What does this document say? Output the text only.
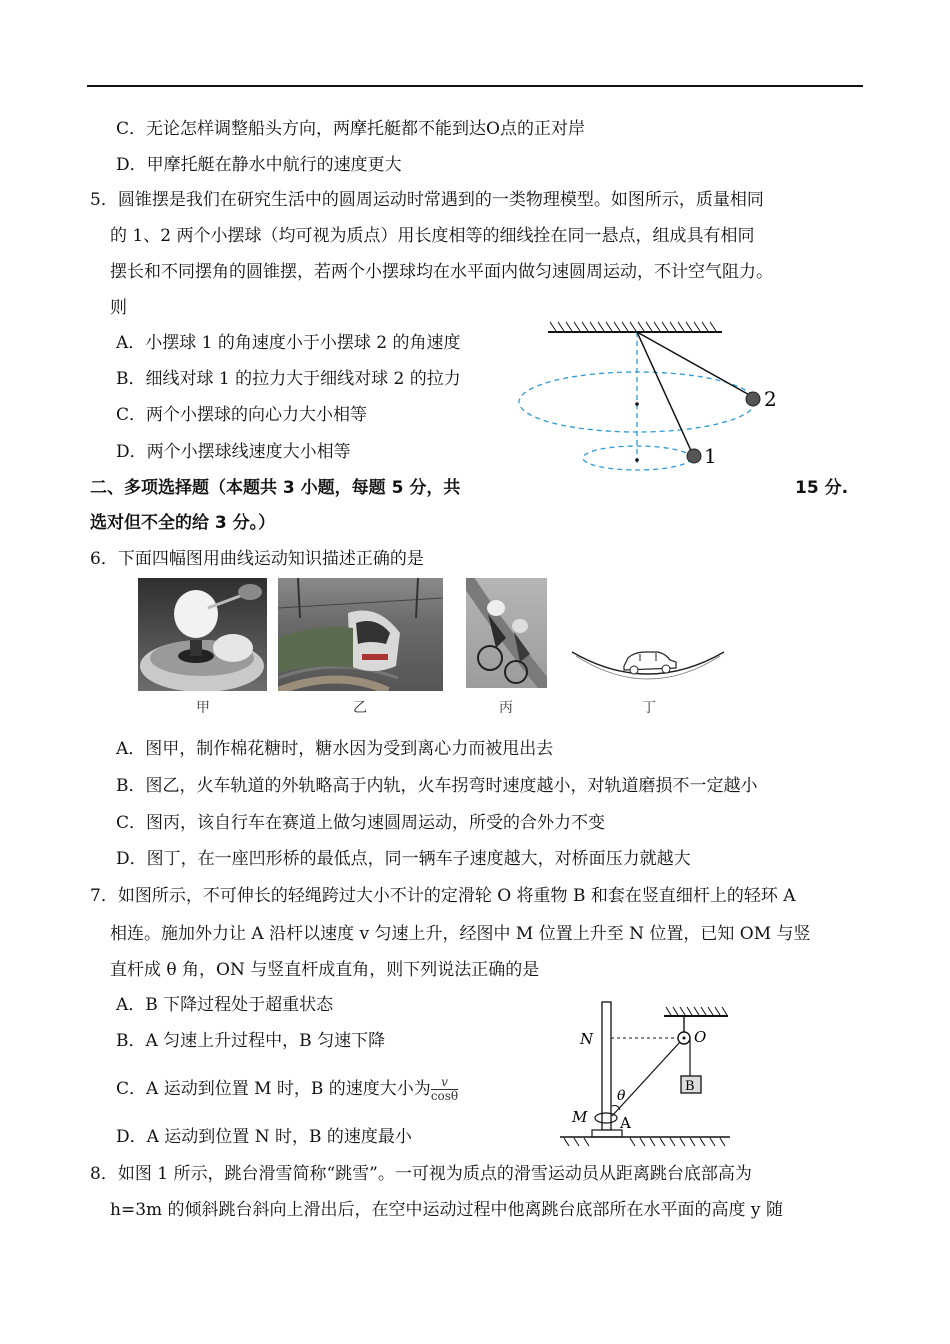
C．无论怎样调整船头方向，两摩托艇都不能到达O点的正对岸
D．甲摩托艇在静水中航行的速度更大
5．圆锥摆是我们在研究生活中的圆周运动时常遇到的一类物理模型。如图所示，质量相同
的 1、2 两个小摆球（均可视为质点）用长度相等的细线拴在同一悬点，组成具有相同
摆长和不同摆角的圆锥摆，若两个小摆球均在水平面内做匀速圆周运动，不计空气阻力。
则
A．小摆球 1 的角速度小于小摆球 2 的角速度
B．细线对球 1 的拉力大于细线对球 2 的拉力
C．两个小摆球的向心力大小相等
D．两个小摆球线速度大小相等
2
1
二、多项选择题（本题共 3 小题，每题 5 分，共	15 分.
选对但不全的给 3 分。）
6．下面四幅图用曲线运动知识描述正确的是
甲	乙	丙	丁
A．图甲，制作棉花糖时，糖水因为受到离心力而被甩出去
B．图乙，火车轨道的外轨略高于内轨，火车拐弯时速度越小，对轨道磨损不一定越小
C．图丙，该自行车在赛道上做匀速圆周运动，所受的合外力不变
D．图丁，在一座凹形桥的最低点，同一辆车子速度越大，对桥面压力就越大
7．如图所示，不可伸长的轻绳跨过大小不计的定滑轮 O 将重物 B 和套在竖直细杆上的轻环 A
相连。施加外力让 A 沿杆以速度 v 匀速上升，经图中 M 位置上升至 N 位置，已知 OM 与竖
直杆成 θ 角，ON 与竖直杆成直角，则下列说法正确的是
A．B 下降过程处于超重状态
B．A 匀速上升过程中，B 匀速下降
C．A 运动到位置 M 时，B 的速度大小为 $\frac{v}{\cos\theta}$
D．A 运动到位置 N 时，B 的速度最小
B
N	O
M A
θ
8．如图 1 所示，跳台滑雪简称“跳雪”。一可视为质点的滑雪运动员从距离跳台底部高为
h=3m 的倾斜跳台斜向上滑出后，在空中运动过程中他离跳台底部所在水平面的高度 y 随
